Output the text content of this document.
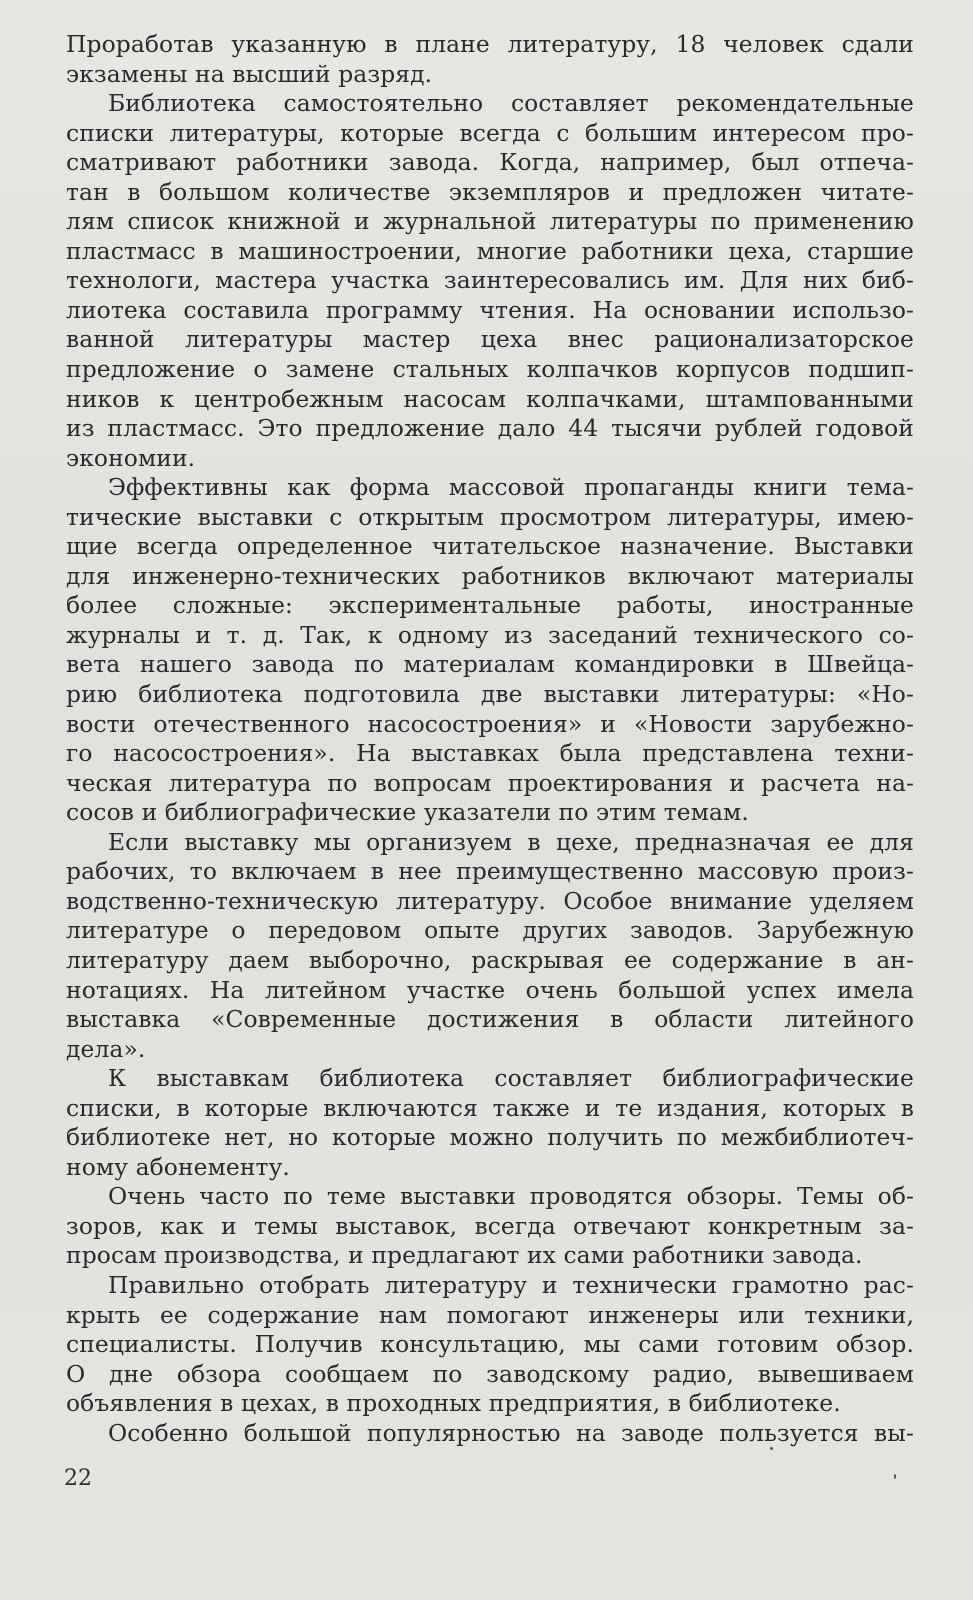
Проработав указанную в плане литературу, 18 человек сдали
экзамены на высший разряд.
Библиотека самостоятельно составляет рекомендательные
списки литературы, которые всегда с большим интересом про-
сматривают работники завода. Когда, например, был отпеча-
тан в большом количестве экземпляров и предложен читате-
лям список книжной и журнальной литературы по применению
пластмасс в машиностроении, многие работники цеха, старшие
технологи, мастера участка заинтересовались им. Для них биб-
лиотека составила программу чтения. На основании использо-
ванной литературы мастер цеха внес рационализаторское
предложение о замене стальных колпачков корпусов подшип-
ников к центробежным насосам колпачками, штампованными
из пластмасс. Это предложение дало 44 тысячи рублей годовой
экономии.
Эффективны как форма массовой пропаганды книги тема-
тические выставки с открытым просмотром литературы, имею-
щие всегда определенное читательское назначение. Выставки
для инженерно-технических работников включают материалы
более сложные: экспериментальные работы, иностранные
журналы и т. д. Так, к одному из заседаний технического со-
вета нашего завода по материалам командировки в Швейца-
рию библиотека подготовила две выставки литературы: «Но-
вости отечественного насосостроения» и «Новости зарубежно-
го насосостроения». На выставках была представлена техни-
ческая литература по вопросам проектирования и расчета на-
сосов и библиографические указатели по этим темам.
Если выставку мы организуем в цехе, предназначая ее для
рабочих, то включаем в нее преимущественно массовую произ-
водственно-техническую литературу. Особое внимание уделяем
литературе о передовом опыте других заводов. Зарубежную
литературу даем выборочно, раскрывая ее содержание в ан-
нотациях. На литейном участке очень большой успех имела
выставка «Современные достижения в области литейного
дела».
К выставкам библиотека составляет библиографические
списки, в которые включаются также и те издания, которых в
библиотеке нет, но которые можно получить по межбиблиотеч-
ному абонементу.
Очень часто по теме выставки проводятся обзоры. Темы об-
зоров, как и темы выставок, всегда отвечают конкретным за-
просам производства, и предлагают их сами работники завода.
Правильно отобрать литературу и технически грамотно рас-
крыть ее содержание нам помогают инженеры или техники,
специалисты. Получив консультацию, мы сами готовим обзор.
О дне обзора сообщаем по заводскому радио, вывешиваем
объявления в цехах, в проходных предприятия, в библиотеке.
Особенно большой популярностью на заводе пользуется вы-
22
